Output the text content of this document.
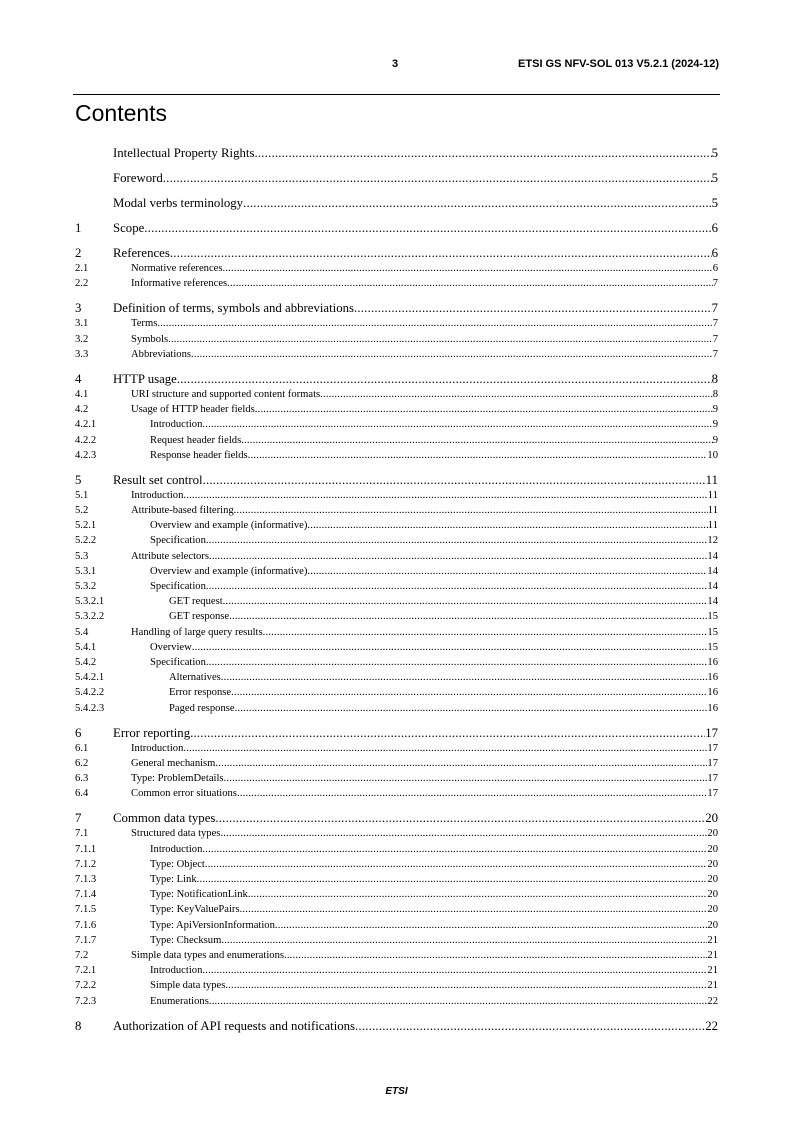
3	ETSI GS NFV-SOL 013 V5.2.1 (2024-12)
Contents
Intellectual Property Rights .....	5
Foreword .....	5
Modal verbs terminology .....	5
1	Scope .....	6
2	References .....	6
2.1	Normative references .....	6
2.2	Informative references .....	7
3	Definition of terms, symbols and abbreviations .....	7
3.1	Terms .....	7
3.2	Symbols .....	7
3.3	Abbreviations .....	7
4	HTTP usage .....	8
4.1	URI structure and supported content formats .....	8
4.2	Usage of HTTP header fields .....	9
4.2.1	Introduction .....	9
4.2.2	Request header fields .....	9
4.2.3	Response header fields .....	10
5	Result set control .....	11
5.1	Introduction .....	11
5.2	Attribute-based filtering .....	11
5.2.1	Overview and example (informative) .....	11
5.2.2	Specification .....	12
5.3	Attribute selectors .....	14
5.3.1	Overview and example (informative) .....	14
5.3.2	Specification .....	14
5.3.2.1	GET request .....	14
5.3.2.2	GET response .....	15
5.4	Handling of large query results .....	15
5.4.1	Overview .....	15
5.4.2	Specification .....	16
5.4.2.1	Alternatives .....	16
5.4.2.2	Error response .....	16
5.4.2.3	Paged response .....	16
6	Error reporting .....	17
6.1	Introduction .....	17
6.2	General mechanism .....	17
6.3	Type: ProblemDetails .....	17
6.4	Common error situations .....	17
7	Common data types .....	20
7.1	Structured data types .....	20
7.1.1	Introduction .....	20
7.1.2	Type: Object .....	20
7.1.3	Type: Link .....	20
7.1.4	Type: NotificationLink .....	20
7.1.5	Type: KeyValuePairs .....	20
7.1.6	Type: ApiVersionInformation .....	20
7.1.7	Type: Checksum .....	21
7.2	Simple data types and enumerations .....	21
7.2.1	Introduction .....	21
7.2.2	Simple data types .....	21
7.2.3	Enumerations .....	22
8	Authorization of API requests and notifications .....	22
ETSI
